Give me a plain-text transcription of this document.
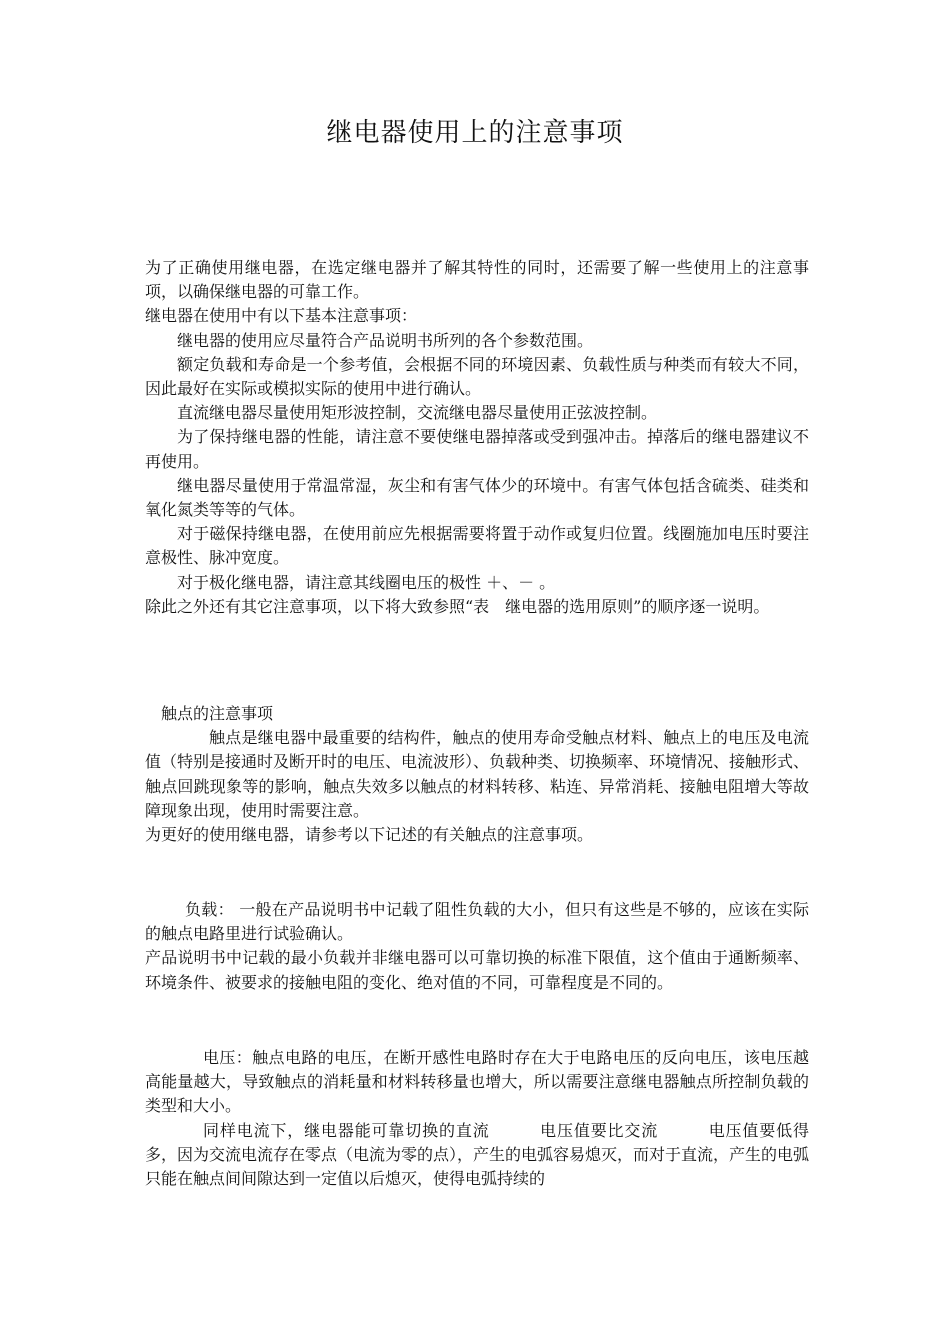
继电器使用上的注意事项

为了正确使用继电器，在选定继电器并了解其特性的同时，还需要了解一些使用上的注意事项，以确保继电器的可靠工作。

继电器在使用中有以下基本注意事项：

继电器的使用应尽量符合产品说明书所列的各个参数范围。

额定负载和寿命是一个参考值，会根据不同的环境因素、负载性质与种类而有较大不同，因此最好在实际或模拟实际的使用中进行确认。

直流继电器尽量使用矩形波控制，交流继电器尽量使用正弦波控制。

为了保持继电器的性能，请注意不要使继电器掉落或受到强冲击。掉落后的继电器建议不再使用。

继电器尽量使用于常温常湿，灰尘和有害气体少的环境中。有害气体包括含硫类、硅类和氧化氮类等等的气体。

对于磁保持继电器，在使用前应先根据需要将置于动作或复归位置。线圈施加电压时要注意极性、脉冲宽度。

对于极化继电器，请注意其线圈电压的极性 ＋、－ 。

除此之外还有其它注意事项，以下将大致参照“表　继电器的选用原则”的顺序逐一说明。

触点的注意事项

触点是继电器中最重要的结构件，触点的使用寿命受触点材料、触点上的电压及电流值（特别是接通时及断开时的电压、电流波形）、负载种类、切换频率、环境情况、接触形式、触点回跳现象等的影响，触点失效多以触点的材料转移、粘连、异常消耗、接触电阻增大等故障现象出现，使用时需要注意。

为更好的使用继电器，请参考以下记述的有关触点的注意事项。

负载： 一般在产品说明书中记载了阻性负载的大小，但只有这些是不够的，应该在实际的触点电路里进行试验确认。

产品说明书中记载的最小负载并非继电器可以可靠切换的标准下限值，这个值由于通断频率、环境条件、被要求的接触电阻的变化、绝对值的不同，可靠程度是不同的。

电压：触点电路的电压，在断开感性电路时存在大于电路电压的反向电压，该电压越高能量越大，导致触点的消耗量和材料转移量也增大，所以需要注意继电器触点所控制负载的类型和大小。

同样电流下，继电器能可靠切换的直流　　　电压值要比交流　　　电压值要低得多，因为交流电流存在零点（电流为零的点），产生的电弧容易熄灭，而对于直流，产生的电弧只能在触点间间隙达到一定值以后熄灭，使得电弧持续的
